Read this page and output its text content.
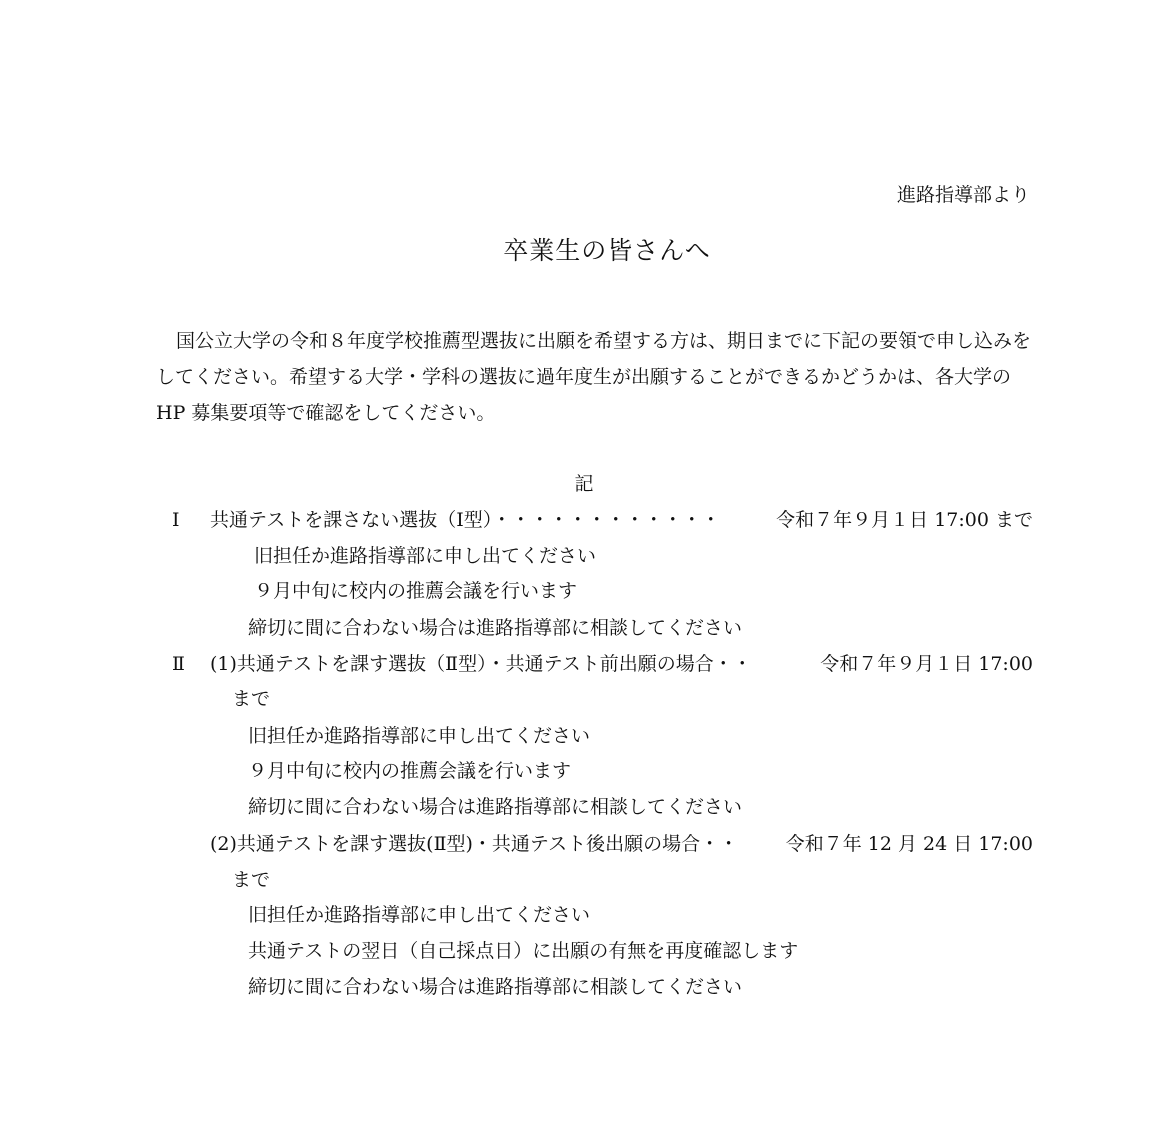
進路指導部より
卒業生の皆さんへ
国公立大学の令和８年度学校推薦型選抜に出願を希望する方は、期日までに下記の要領で申し込みをしてください。希望する大学・学科の選抜に過年度生が出願することができるかどうかは、各大学の HP 募集要項等で確認をしてください。
記
Ⅰ 共通テストを課さない選抜（Ⅰ型）・・・・・・・・・・・・	令和７年９月１日 17:00 まで
旧担任か進路指導部に申し出てください
９月中旬に校内の推薦会議を行います
締切に間に合わない場合は進路指導部に相談してください
Ⅱ (1)共通テストを課す選抜（Ⅱ型）・共通テスト前出願の場合・・	令和７年９月１日 17:00
まで
旧担任か進路指導部に申し出てください
９月中旬に校内の推薦会議を行います
締切に間に合わない場合は進路指導部に相談してください
(2)共通テストを課す選抜(Ⅱ型)・共通テスト後出願の場合・・	令和７年 12 月 24 日 17:00
まで
旧担任か進路指導部に申し出てください
共通テストの翌日（自己採点日）に出願の有無を再度確認します
締切に間に合わない場合は進路指導部に相談してください
